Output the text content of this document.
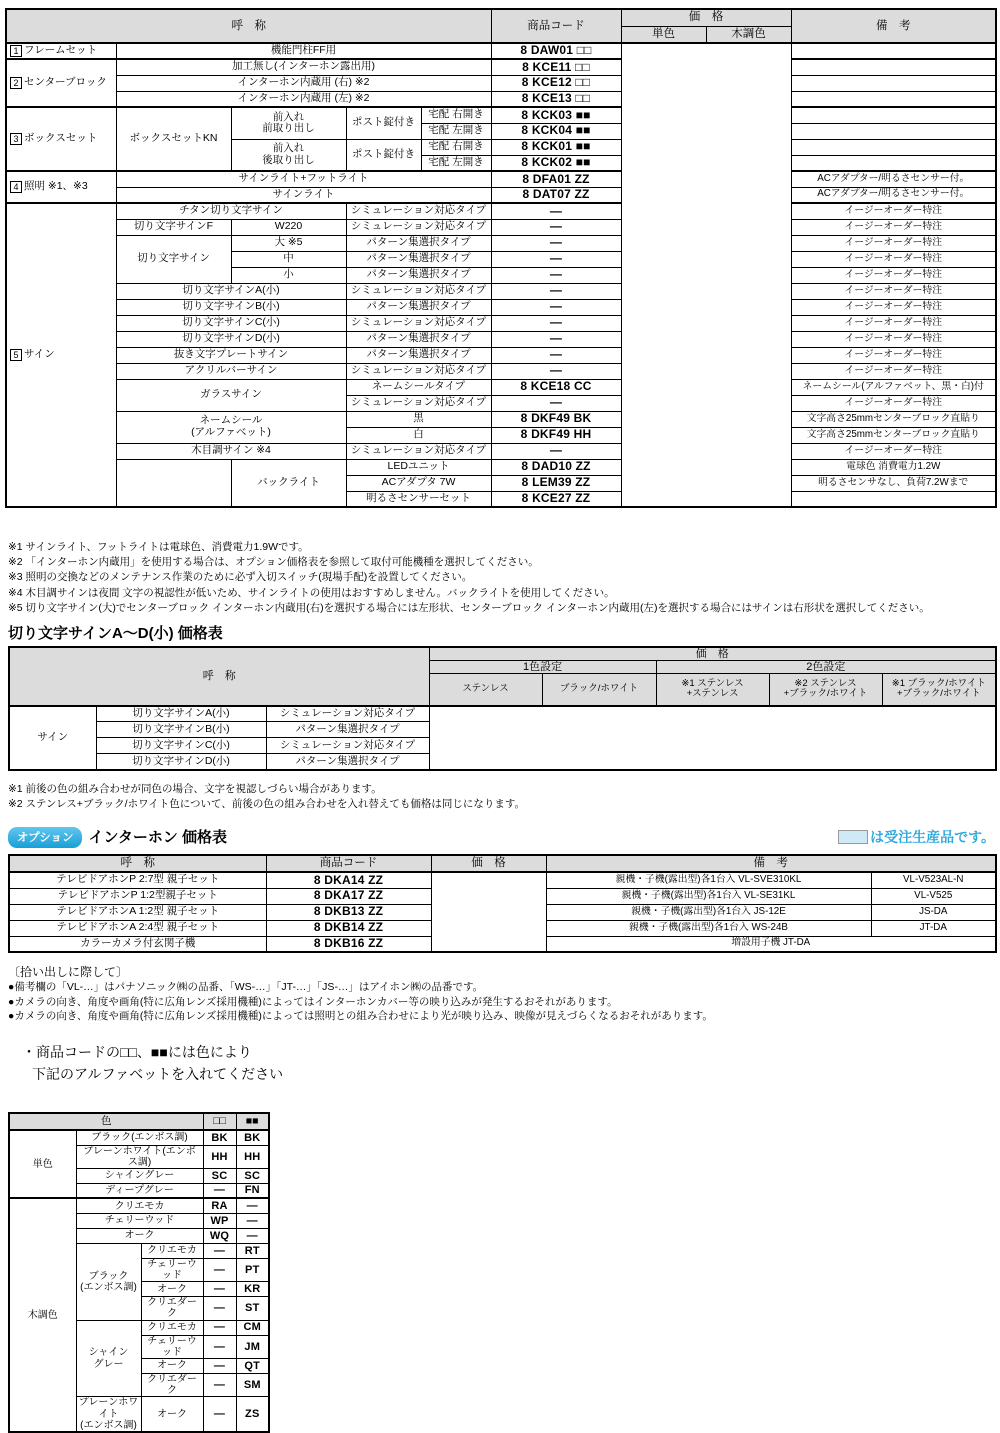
呼　称					商品コード	価　格		備　考
						単色	木調色	
1 フレームセット	機能門柱FF用				8 DAW01 □□			
2 センターブロック	加工無し(インターホン露出用)				8 KCE11 □□			
	インターホン内蔵用 (右) ※2				8 KCE12 □□			
	インターホン内蔵用 (左) ※2				8 KCE13 □□			
3 ボックスセット	ボックスセットKN	前入れ
前取り出し	ポスト錠付き	宅配 右開き	8 KCK03 ■■			
				宅配 左開き	8 KCK04 ■■			
		前入れ
後取り出し	ポスト錠付き	宅配 右開き	8 KCK01 ■■			
				宅配 左開き	8 KCK02 ■■			
4 照明 ※1、※3	サインライト+フットライト				8 DFA01 ZZ			ACアダプター/明るさセンサー付。
	サインライト				8 DAT07 ZZ			ACアダプター/明るさセンサー付。
5 サイン	チタン切り文字サイン		シミュレーション対応タイプ		—			イージーオーダー特注
	切り文字サインF	W220	シミュレーション対応タイプ		—			イージーオーダー特注
	切り文字サイン	大 ※5	パターン集選択タイプ		—			イージーオーダー特注
		中	パターン集選択タイプ		—			イージーオーダー特注
		小	パターン集選択タイプ		—			イージーオーダー特注
	切り文字サインA(小)		シミュレーション対応タイプ		—			イージーオーダー特注
	切り文字サインB(小)		パターン集選択タイプ		—			イージーオーダー特注
	切り文字サインC(小)		シミュレーション対応タイプ		—			イージーオーダー特注
	切り文字サインD(小)		パターン集選択タイプ		—			イージーオーダー特注
	抜き文字プレートサイン		パターン集選択タイプ		—			イージーオーダー特注
	アクリルバーサイン		シミュレーション対応タイプ		—			イージーオーダー特注
	ガラスサイン		ネームシールタイプ		8 KCE18 CC			ネームシール(アルファベット、黒・白)付
			シミュレーション対応タイプ		—			イージーオーダー特注
	ネームシール
(アルファベット)		黒		8 DKF49 BK			文字高さ25mmセンターブロック直貼り
			白		8 DKF49 HH			文字高さ25mmセンターブロック直貼り
	木目調サイン ※4		シミュレーション対応タイプ		—			イージーオーダー特注
		バックライト	LEDユニット		8 DAD10 ZZ			電球色 消費電力1.2W
			ACアダプタ 7W		8 LEM39 ZZ			明るさセンサなし、負荷7.2Wまで
			明るさセンサーセット		8 KCE27 ZZ			
※1 サインライト、フットライトは電球色、消費電力1.9Wです。
※2 「インターホン内蔵用」を使用する場合は、オプション価格表を参照して取付可能機種を選択してください。
※3 照明の交換などのメンテナンス作業のために必ず入切スイッチ(現場手配)を設置してください。
※4 木目調サインは夜間 文字の視認性が低いため、サインライトの使用はおすすめしません。バックライトを使用してください。
※5 切り文字サイン(大)でセンターブロック インターホン内蔵用(右)を選択する場合には左形状、センターブロック インターホン内蔵用(左)を選択する場合にはサインは右形状を選択してください。
切り文字サインA〜D(小) 価格表
呼　称			価　格				
			1色設定		2色設定		
			ステンレス	ブラック/ホワイト	※1 ステンレス
+ステンレス	※2 ステンレス
+ブラック/ホワイト	※1 ブラック/ホワイト
+ブラック/ホワイト
サイン	切り文字サインA(小)	シミュレーション対応タイプ					
	切り文字サインB(小)	パターン集選択タイプ					
	切り文字サインC(小)	シミュレーション対応タイプ					
	切り文字サインD(小)	パターン集選択タイプ					
※1 前後の色の組み合わせが同色の場合、文字を視認しづらい場合があります。
※2 ステンレス+ブラック/ホワイト色について、前後の色の組み合わせを入れ替えても価格は同じになります。
オプション インターホン 価格表	は受注生産品です。
呼　称	商品コード	価　格	備　考	
テレビドアホンP 2:7型 親子セット	8 DKA14 ZZ		親機・子機(露出型)各1台入 VL-SVE310KL	VL-V523AL-N
テレビドアホンP 1:2型親子セット	8 DKA17 ZZ		親機・子機(露出型)各1台入 VL-SE31KL	VL-V525
テレビドアホンA 1:2型 親子セット	8 DKB13 ZZ		親機・子機(露出型)各1台入 JS-12E	JS-DA
テレビドアホンA 2:4型 親子セット	8 DKB14 ZZ		親機・子機(露出型)各1台入 WS-24B	JT-DA
カラーカメラ付玄関子機	8 DKB16 ZZ		増設用子機 JT-DA	
〔拾い出しに際して〕
●備考欄の「VL-…」はパナソニック㈱の品番、「WS-…」「JT-…」「JS-…」はアイホン㈱の品番です。
●カメラの向き、角度や画角(特に広角レンズ採用機種)によってはインターホンカバー等の映り込みが発生するおそれがあります。
●カメラの向き、角度や画角(特に広角レンズ採用機種)によっては照明との組み合わせにより光が映り込み、映像が見えづらくなるおそれがあります。
・商品コードの□□、■■には色により
下記のアルファベットを入れてください
色			□□	■■
単色	ブラック(エンボス調)		BK	BK
	プレーンホワイト(エンボス調)		HH	HH
	シャイングレー		SC	SC
	ディープグレー		—	FN
木調色	クリエモカ		RA	—
	チェリーウッド		WP	—
	オーク		WQ	—
	ブラック
(エンボス調)	クリエモカ	—	RT
		チェリーウッド	—	PT
		オーク	—	KR
		クリエダーク	—	ST
	シャイン
グレー	クリエモカ	—	CM
		チェリーウッド	—	JM
		オーク	—	QT
		クリエダーク	—	SM
	プレーンホワイト
(エンボス調)	オーク	—	ZS
